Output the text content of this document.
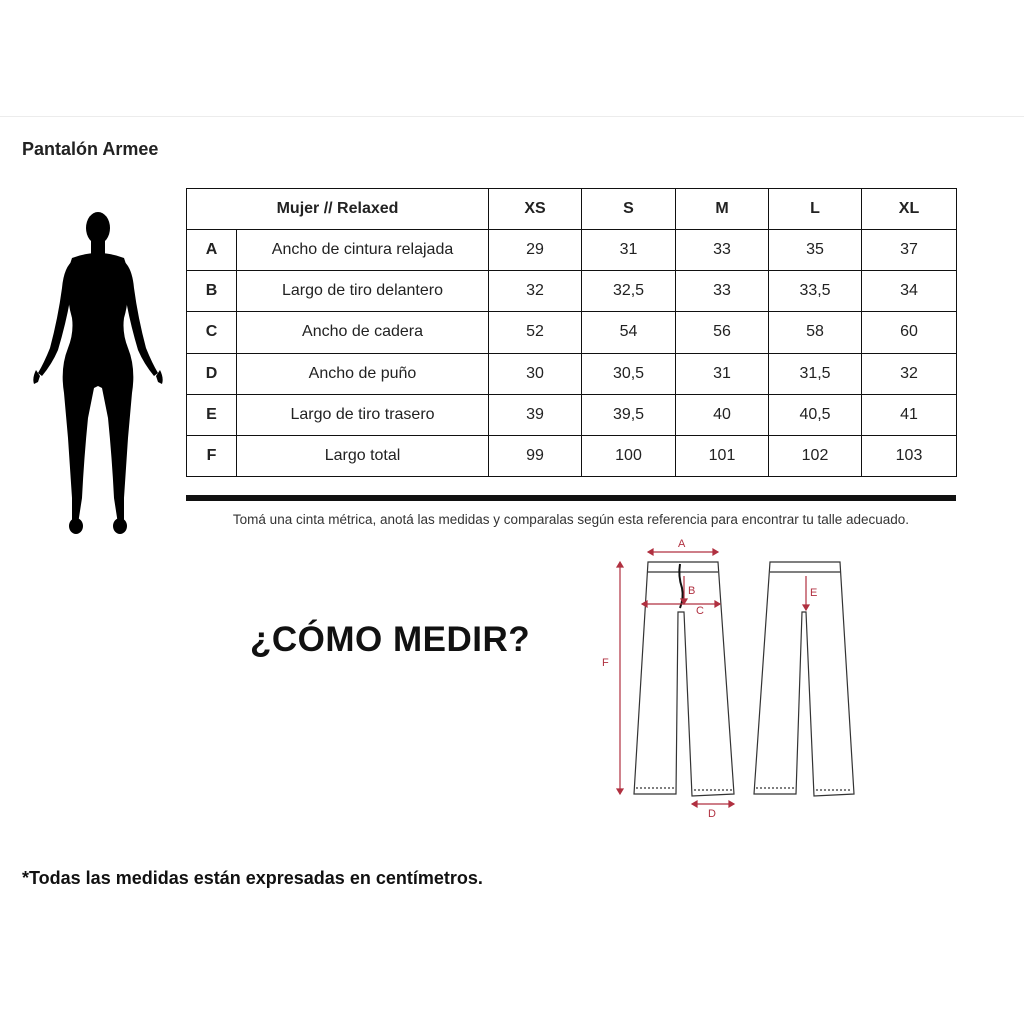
Pantalón Armee
Mujer // Relaxed		XS	S	M	L	XL
A	Ancho de cintura relajada	29	31	33	35	37
B	Largo de tiro delantero	32	32,5	33	33,5	34
C	Ancho de cadera	52	54	56	58	60
D	Ancho de puño	30	30,5	31	31,5	32
E	Largo de tiro trasero	39	39,5	40	40,5	41
F	Largo total	99	100	101	102	103
Tomá una cinta métrica, anotá las medidas y comparalas según esta referencia para encontrar tu talle adecuado.
¿CÓMO MEDIR?
A
B
C
E
F
D
*Todas las medidas están expresadas en centímetros.
